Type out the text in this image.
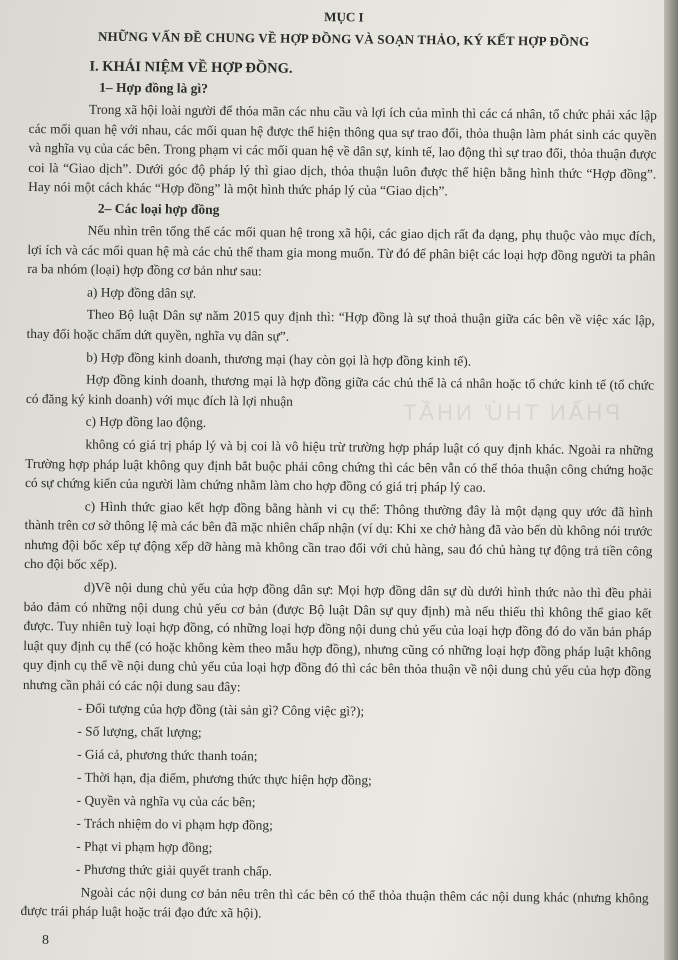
MỤC I
NHỮNG VẤN ĐỀ CHUNG VỀ HỢP ĐỒNG VÀ SOẠN THẢO, KÝ KẾT HỢP ĐỒNG
I. KHÁI NIỆM VỀ HỢP ĐỒNG.
1– Hợp đồng là gì?

Trong xã hội loài người để thỏa mãn các nhu cầu và lợi ích của mình thì các cá nhân, tổ chức phải xác lập các mối quan hệ với nhau, các mối quan hệ được thể hiện thông qua sự trao đổi, thỏa thuận làm phát sinh các quyền và nghĩa vụ của các bên. Trong phạm vi các mối quan hệ về dân sự, kinh tế, lao động thì sự trao đổi, thỏa thuận được coi là “Giao dịch”. Dưới góc độ pháp lý thì giao dịch, thỏa thuận luôn được thể hiện bằng hình thức “Hợp đồng”. Hay nói một cách khác “Hợp đồng” là một hình thức pháp lý của “Giao dịch”.

2– Các loại hợp đồng

Nếu nhìn trên tổng thể các mối quan hệ trong xã hội, các giao dịch rất đa dạng, phụ thuộc vào mục đích, lợi ích và các mối quan hệ mà các chủ thể tham gia mong muốn. Từ đó để phân biệt các loại hợp đồng người ta phân ra ba nhóm (loại) hợp đồng cơ bản như sau:

a) Hợp đồng dân sự.

Theo Bộ luật Dân sự năm 2015 quy định thì: “Hợp đồng là sự thoả thuận giữa các bên về việc xác lập, thay đổi hoặc chấm dứt quyền, nghĩa vụ dân sự”.

b) Hợp đồng kinh doanh, thương mại (hay còn gọi là hợp đồng kinh tế).

Hợp đồng kinh doanh, thương mại là hợp đồng giữa các chủ thể là cá nhân hoặc tổ chức kinh tế (tổ chức có đăng ký kinh doanh) với mục đích là lợi nhuận

c) Hợp đồng lao động.

không có giá trị pháp lý và bị coi là vô hiệu trừ trường hợp pháp luật có quy định khác. Ngoài ra những Trường hợp pháp luật không quy định bắt buộc phải công chứng thì các bên vẫn có thể thỏa thuận công chứng hoặc có sự chứng kiến của người làm chứng nhằm làm cho hợp đồng có giá trị pháp lý cao.

c) Hình thức giao kết hợp đồng bằng hành vi cụ thể: Thông thường đây là một dạng quy ước đã hình thành trên cơ sở thông lệ mà các bên đã mặc nhiên chấp nhận (ví dụ: Khi xe chở hàng đã vào bến dù không nói trước nhưng đội bốc xếp tự động xếp dỡ hàng mà không cần trao đổi với chủ hàng, sau đó chủ hàng tự động trả tiền công cho đội bốc xếp).

d)Về nội dung chủ yếu của hợp đồng dân sự: Mọi hợp đồng dân sự dù dưới hình thức nào thì đều phải bảo đảm có những nội dung chủ yếu cơ bản (được Bộ luật Dân sự quy định) mà nếu thiếu thì không thể giao kết được. Tuy nhiên tuỳ loại hợp đồng, có những loại hợp đồng nội dung chủ yếu của loại hợp đồng đó do văn bản pháp luật quy định cụ thể (có hoặc không kèm theo mẫu hợp đồng), nhưng cũng có những loại hợp đồng pháp luật không quy định cụ thể về nội dung chủ yếu của loại hợp đồng đó thì các bên thỏa thuận về nội dung chủ yếu của hợp đồng nhưng cần phải có các nội dung sau đây:

- Đối tượng của hợp đồng (tài sản gì? Công việc gì?);
- Số lượng, chất lượng;
- Giá cả, phương thức thanh toán;
- Thời hạn, địa điểm, phương thức thực hiện hợp đồng;
- Quyền và nghĩa vụ của các bên;
- Trách nhiệm do vi phạm hợp đồng;
- Phạt vi phạm hợp đồng;
- Phương thức giải quyết tranh chấp.

Ngoài các nội dung cơ bản nêu trên thì các bên có thể thỏa thuận thêm các nội dung khác (nhưng không được trái pháp luật hoặc trái đạo đức xã hội).

PHẦN THỨ NHẤT
8
